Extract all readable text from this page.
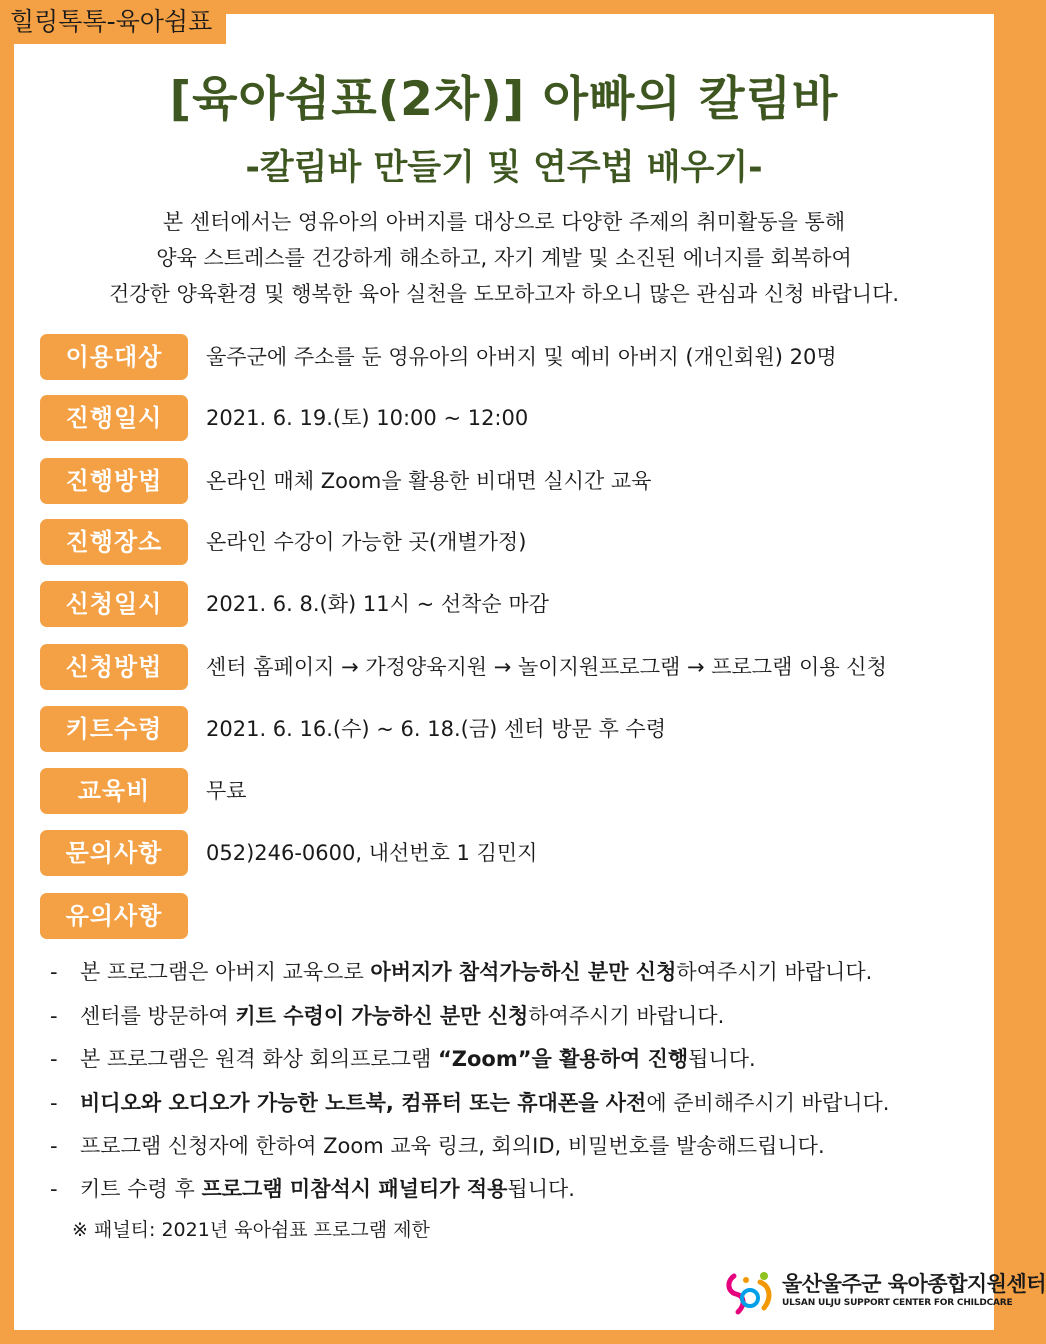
힐링톡톡-육아쉼표
[육아쉼표(2차)] 아빠의 칼림바
-칼림바 만들기 및 연주법 배우기-
본 센터에서는 영유아의 아버지를 대상으로 다양한 주제의 취미활동을 통해
양육 스트레스를 건강하게 해소하고, 자기 계발 및 소진된 에너지를 회복하여
건강한 양육환경 및 행복한 육아 실천을 도모하고자 하오니 많은 관심과 신청 바랍니다.
이용대상	울주군에 주소를 둔 영유아의 아버지 및 예비 아버지 (개인회원) 20명
진행일시	2021. 6. 19.(토) 10:00 ~ 12:00
진행방법	온라인 매체 Zoom을 활용한 비대면 실시간 교육
진행장소	온라인 수강이 가능한 곳(개별가정)
신청일시	2021. 6. 8.(화) 11시 ~ 선착순 마감
신청방법	센터 홈페이지 → 가정양육지원 → 놀이지원프로그램 → 프로그램 이용 신청
키트수령	2021. 6. 16.(수) ~ 6. 18.(금) 센터 방문 후 수령
교육비	무료
문의사항	052)246-0600, 내선번호 1 김민지
유의사항
- 본 프로그램은 아버지 교육으로 아버지가 참석가능하신 분만 신청하여주시기 바랍니다.
- 센터를 방문하여 키트 수령이 가능하신 분만 신청하여주시기 바랍니다.
- 본 프로그램은 원격 화상 회의프로그램 “Zoom”을 활용하여 진행됩니다.
- 비디오와 오디오가 가능한 노트북, 컴퓨터 또는 휴대폰을 사전에 준비해주시기 바랍니다.
- 프로그램 신청자에 한하여 Zoom 교육 링크, 회의ID, 비밀번호를 발송해드립니다.
- 키트 수령 후 프로그램 미참석시 패널티가 적용됩니다.
※ 패널티: 2021년 육아쉼표 프로그램 제한
울산울주군 육아종합지원센터
ULSAN ULJU SUPPORT CENTER FOR CHILDCARE
